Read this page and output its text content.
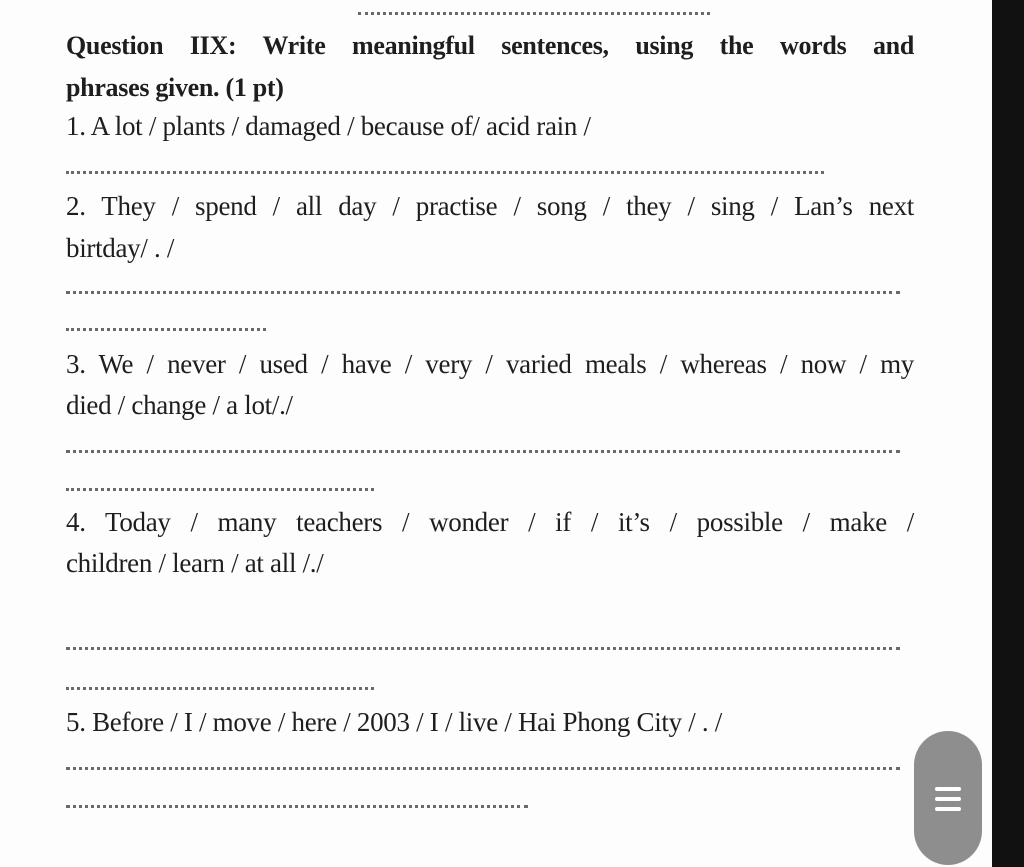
Question IIX: Write meaningful sentences, using the words and
phrases given. (1 pt)
1. A lot / plants / damaged / because of/ acid rain /
2. They / spend / all day / practise / song / they / sing / Lan’s next
birtday/ . /
3. We / never / used / have / very / varied meals / whereas / now / my
died / change / a lot/./
4. Today / many teachers / wonder / if / it’s / possible / make /
children / learn / at all /./
5. Before / I / move / here / 2003 / I / live / Hai Phong City / . /
